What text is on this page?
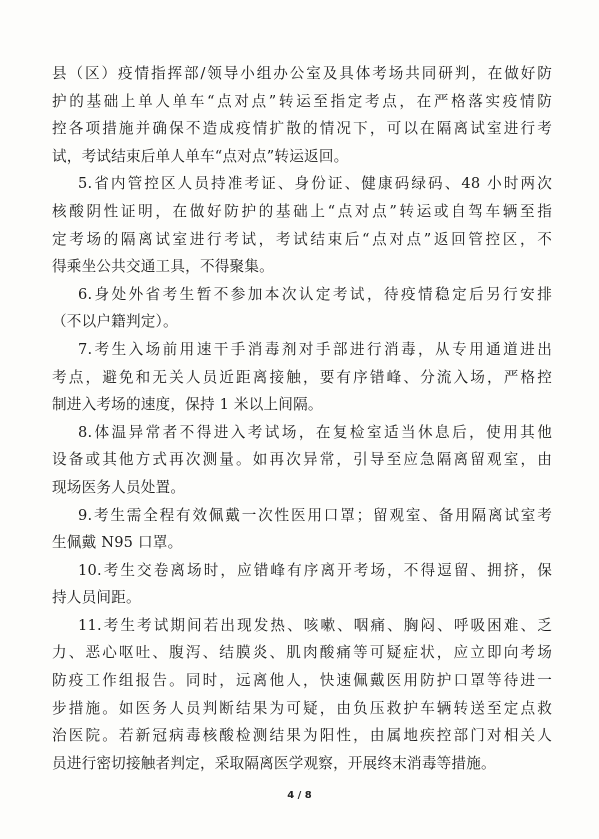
县（区）疫情指挥部/领导小组办公室及具体考场共同研判，在做好防
护的基础上单人单车“点对点”转运至指定考点，在严格落实疫情防
控各项措施并确保不造成疫情扩散的情况下，可以在隔离试室进行考
试，考试结束后单人单车“点对点”转运返回。
5.省内管控区人员持准考证、身份证、健康码绿码、48 小时两次
核酸阴性证明，在做好防护的基础上“点对点”转运或自驾车辆至指
定考场的隔离试室进行考试，考试结束后“点对点”返回管控区，不
得乘坐公共交通工具，不得聚集。
6.身处外省考生暂不参加本次认定考试，待疫情稳定后另行安排
（不以户籍判定）。
7.考生入场前用速干手消毒剂对手部进行消毒，从专用通道进出
考点，避免和无关人员近距离接触，要有序错峰、分流入场，严格控
制进入考场的速度，保持 1 米以上间隔。
8.体温异常者不得进入考试场，在复检室适当休息后，使用其他
设备或其他方式再次测量。如再次异常，引导至应急隔离留观室，由
现场医务人员处置。
9.考生需全程有效佩戴一次性医用口罩；留观室、备用隔离试室考
生佩戴 N95 口罩。
10.考生交卷离场时，应错峰有序离开考场，不得逗留、拥挤，保
持人员间距。
11.考生考试期间若出现发热、咳嗽、咽痛、胸闷、呼吸困难、乏
力、恶心呕吐、腹泻、结膜炎、肌肉酸痛等可疑症状，应立即向考场
防疫工作组报告。同时，远离他人，快速佩戴医用防护口罩等待进一
步措施。如医务人员判断结果为可疑，由负压救护车辆转送至定点救
治医院。若新冠病毒核酸检测结果为阳性，由属地疾控部门对相关人
员进行密切接触者判定，采取隔离医学观察，开展终末消毒等措施。
4 / 8
